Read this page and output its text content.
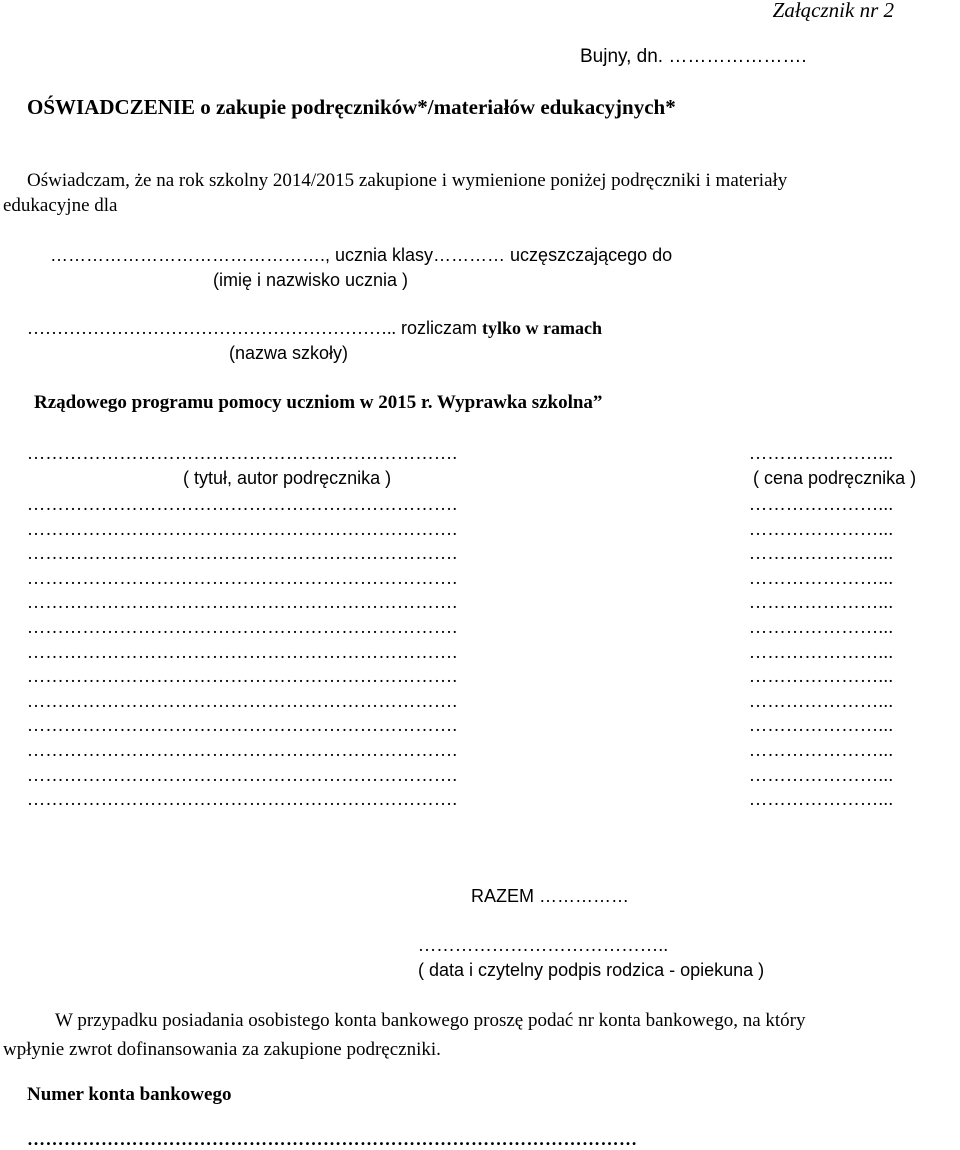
Załącznik nr 2
Bujny, dn. ………………….
OŚWIADCZENIE o zakupie podręczników*/materiałów edukacyjnych*
Oświadczam, że na rok szkolny 2014/2015 zakupione i wymienione poniżej podręczniki i materiały
edukacyjne dla
………………………………………., ucznia klasy………… uczęszczającego do
(imię i nazwisko ucznia )
…………………………………………………….. rozliczam tylko w ramach
(nazwa szkoły)
Rządowego programu pomocy uczniom w 2015 r. Wyprawka szkolna”
…………………………………………………………….	…………………...
( tytuł, autor podręcznika )	( cena podręcznika )
…………………………………………………………….	…………………...
…………………………………………………………….	…………………...
…………………………………………………………….	…………………...
…………………………………………………………….	…………………...
…………………………………………………………….	…………………...
…………………………………………………………….	…………………...
…………………………………………………………….	…………………...
…………………………………………………………….	…………………...
…………………………………………………………….	…………………...
…………………………………………………………….	…………………...
…………………………………………………………….	…………………...
…………………………………………………………….	…………………...
…………………………………………………………….	…………………...
RAZEM ……………
…………………………………..
( data i czytelny podpis rodzica - opiekuna )
W przypadku posiadania osobistego konta bankowego proszę podać nr konta bankowego, na który
wpłynie zwrot dofinansowania za zakupione podręczniki.
Numer konta bankowego
………………………………………………………………………………………
